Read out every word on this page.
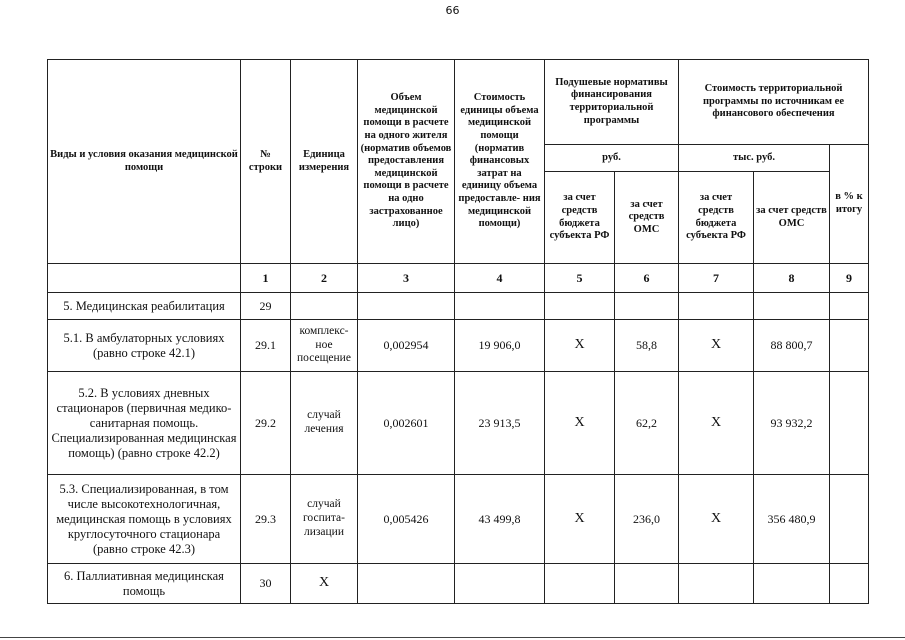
66
Виды и условия оказания медицинской помощи	№ строки	Единица измерения	Объем медицинской помощи в расчете на одного жителя (норматив объемов предоставления медицинской помощи в расчете на одно застрахованное лицо)	Стоимость единицы объема медицинской помощи (норматив финансовых затрат на единицу объема предоставле- ния медицинской помощи)	Подушевые нормативы финансирования территориальной программы		Стоимость территориальной программы по источникам ее финансового обеспечения		
					руб.		тыс. руб.		в % к итогу
					за счет средств бюджета субъекта РФ	за счет средств ОМС	за счет средств бюджета субъекта РФ	за счет средств ОМС	
	1	2	3	4	5	6	7	8	9
5. Медицинская реабилитация	29								
5.1. В амбулаторных условиях (равно строке 42.1)	29.1	комплекс- ное посещение	0,002954	19 906,0	X	58,8	X	88 800,7	
5.2. В условиях дневных стационаров (первичная медико-санитарная помощь. Специализированная медицинская помощь) (равно строке 42.2)	29.2	случай лечения	0,002601	23 913,5	X	62,2	X	93 932,2	
5.3. Специализированная, в том числе высокотехнологичная, медицинская помощь в условиях круглосуточного стационара (равно строке 42.3)	29.3	случай госпита- лизации	0,005426	43 499,8	X	236,0	X	356 480,9	
6. Паллиативная медицинская помощь	30	X							
